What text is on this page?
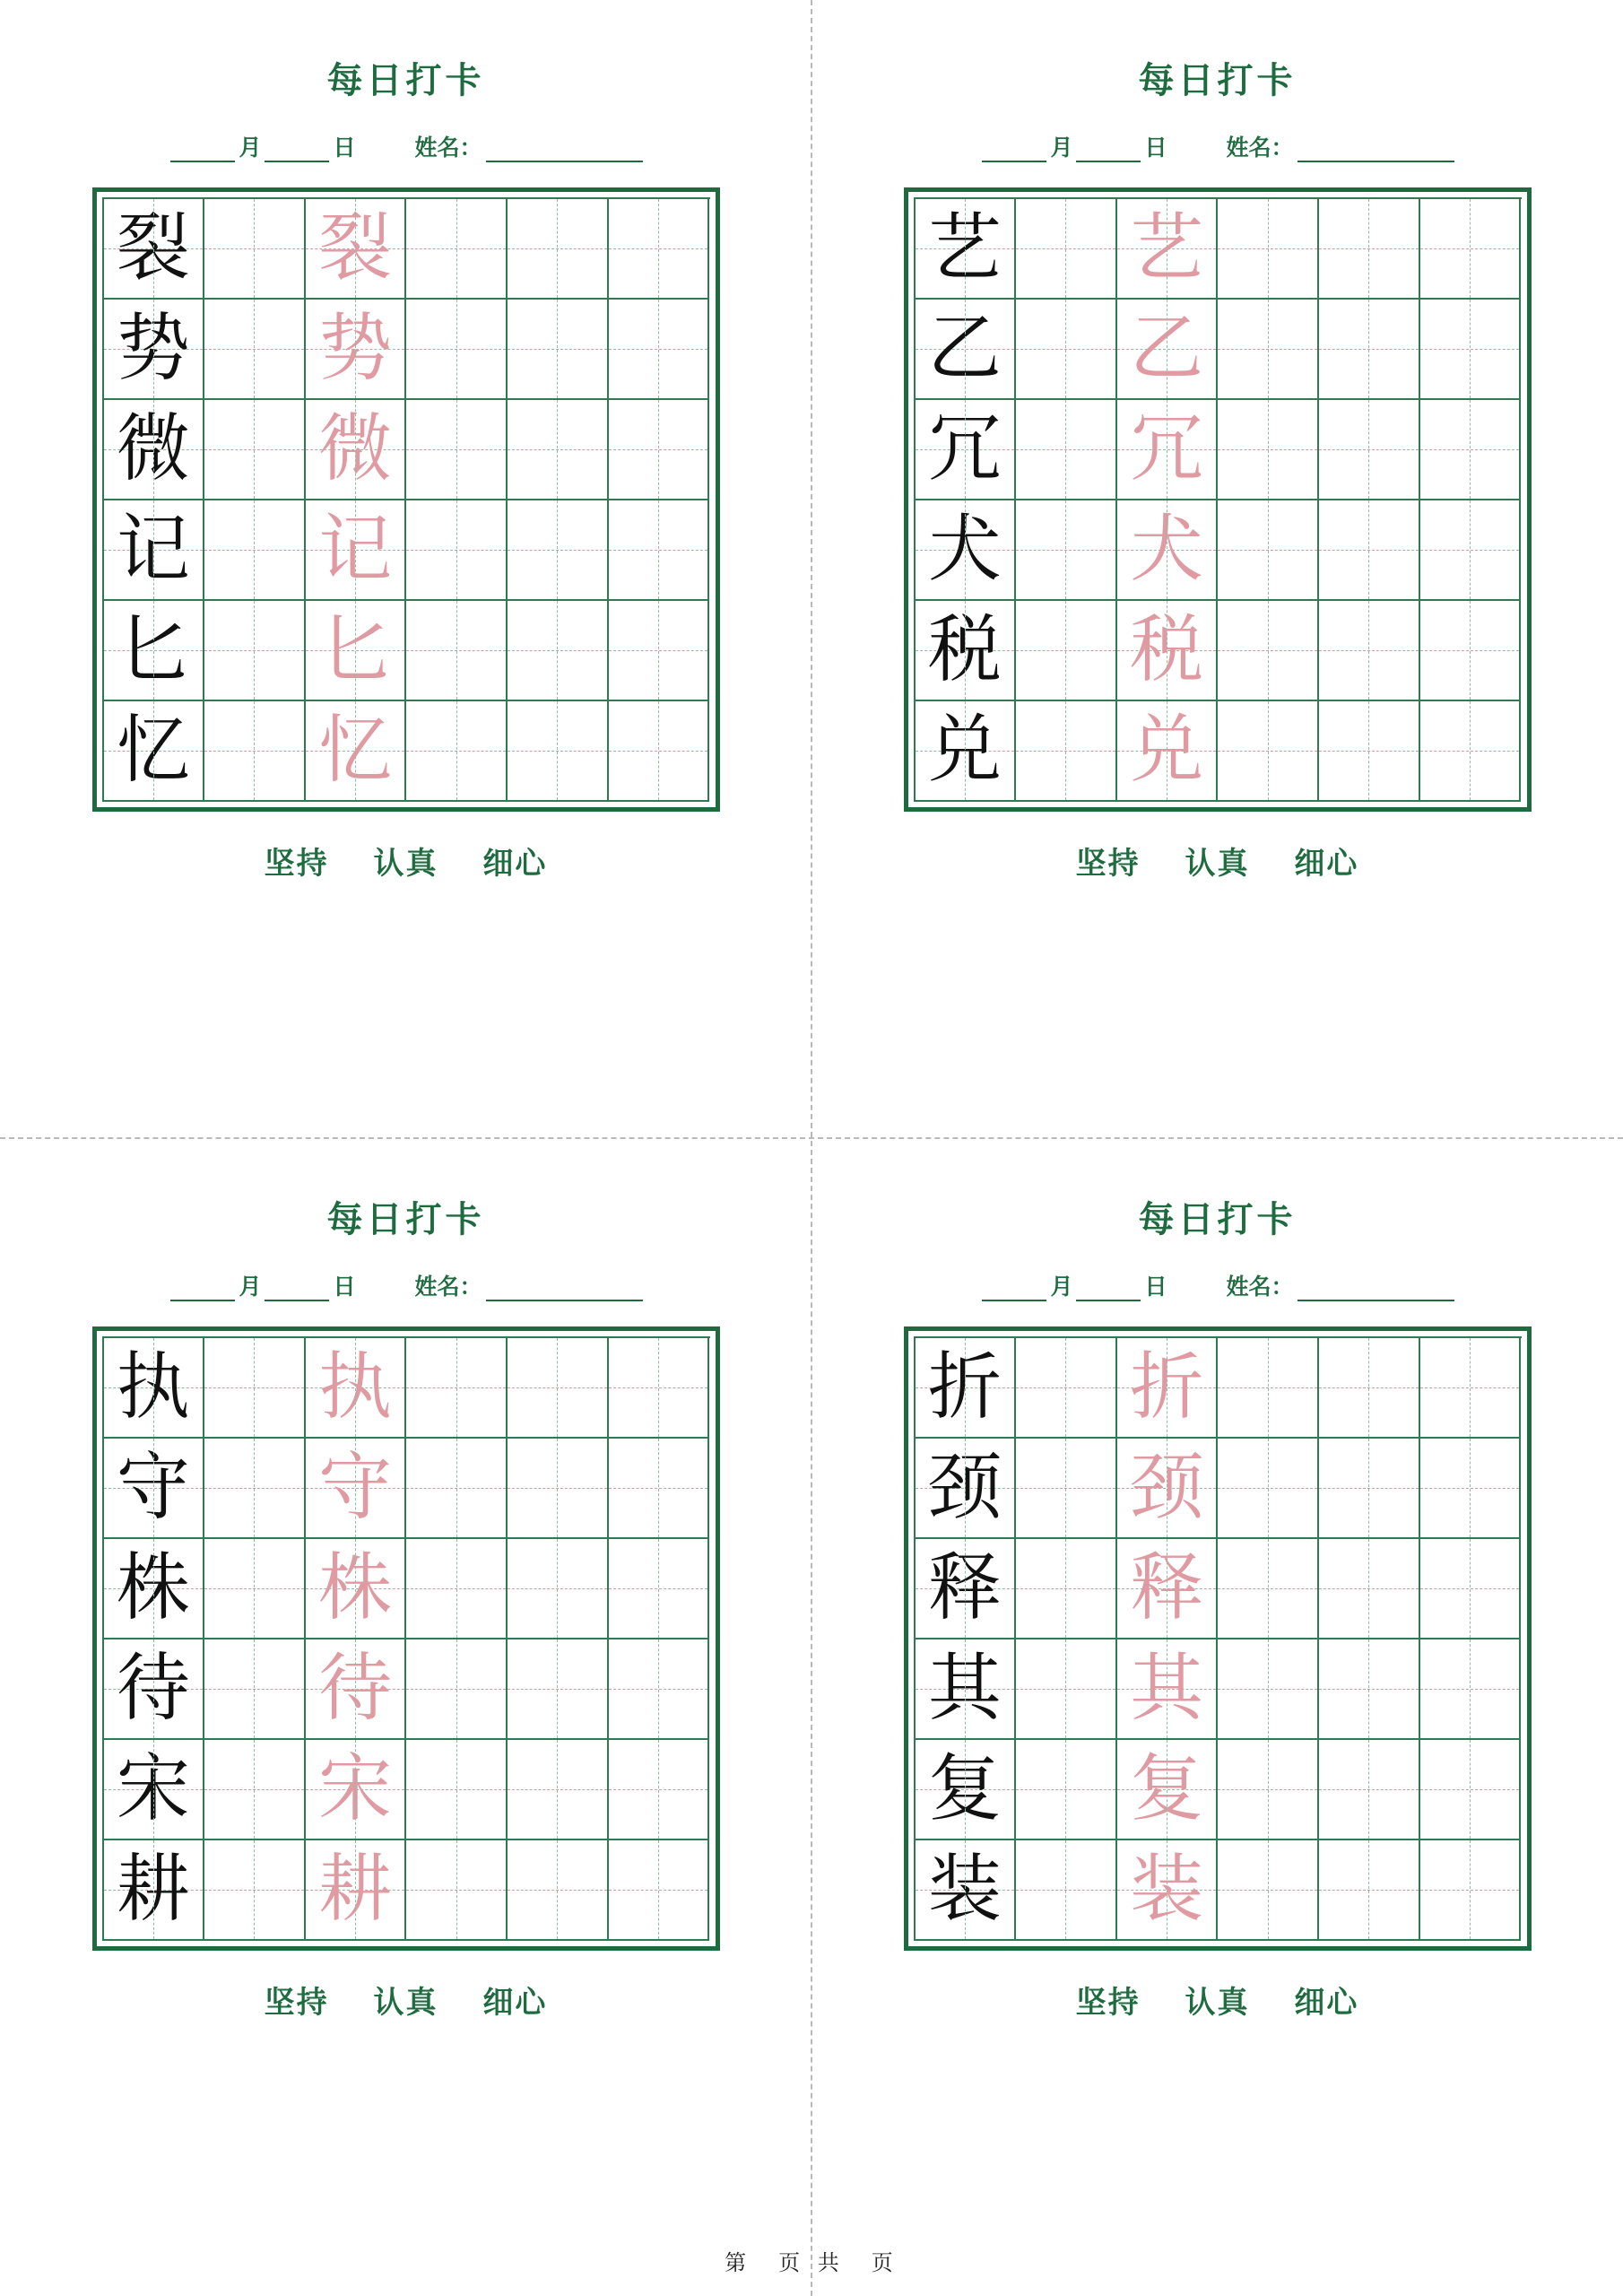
每日打卡
月	日	姓名：
裂 裂
势 势
微 微
记 记
匕 匕
忆 忆
坚持 认真 细心
每日打卡
月	日	姓名：
艺 艺
乙 乙
冗 冗
犬 犬
税 税
兑 兑
坚持 认真 细心
每日打卡
月	日	姓名：
执 执
守 守
株 株
待 待
宋 宋
耕 耕
坚持 认真 细心
每日打卡
月	日	姓名：
折 折
颈 颈
释 释
其 其
复 复
装 装
坚持 认真 细心
第　页 共　页
